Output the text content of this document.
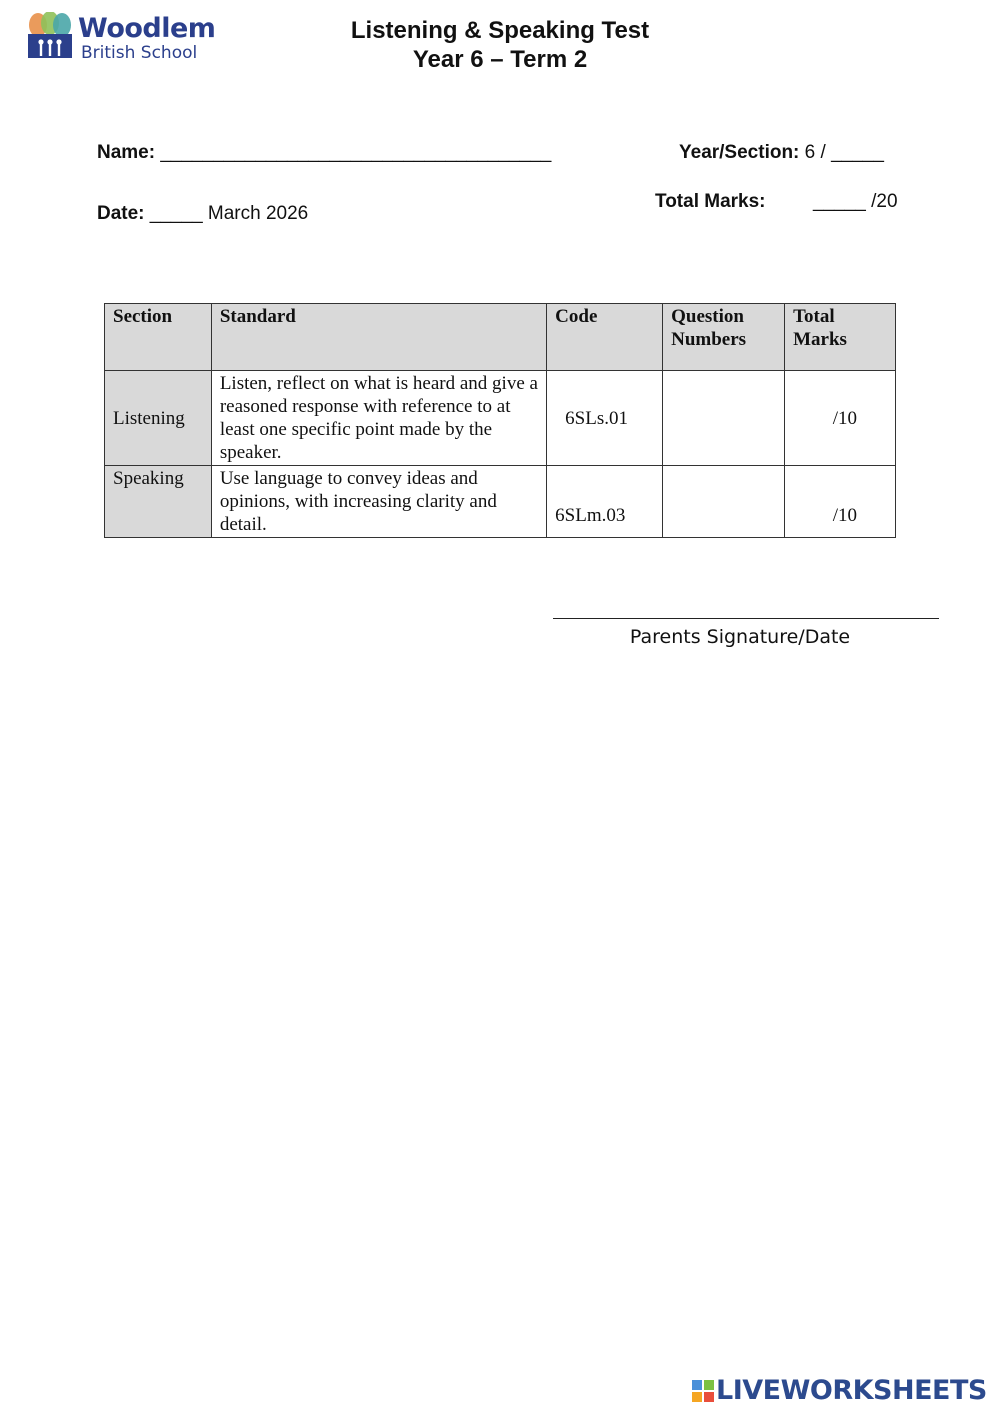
Woodlem
British School
Listening & Speaking Test
Year 6 – Term 2
Name: _____________________________________	Year/Section: 6 / _____
Date: _____ March 2026
Total Marks: _____ /20
Section	Standard	Code	Question Numbers	Total Marks
Listening	Listen, reflect on what is heard and give a reasoned response with reference to at least one specific point made by the speaker.	6SLs.01		/10
Speaking	Use language to convey ideas and opinions, with increasing clarity and detail.	6SLm.03		/10
Parents Signature/Date
LIVEWORKSHEETS
